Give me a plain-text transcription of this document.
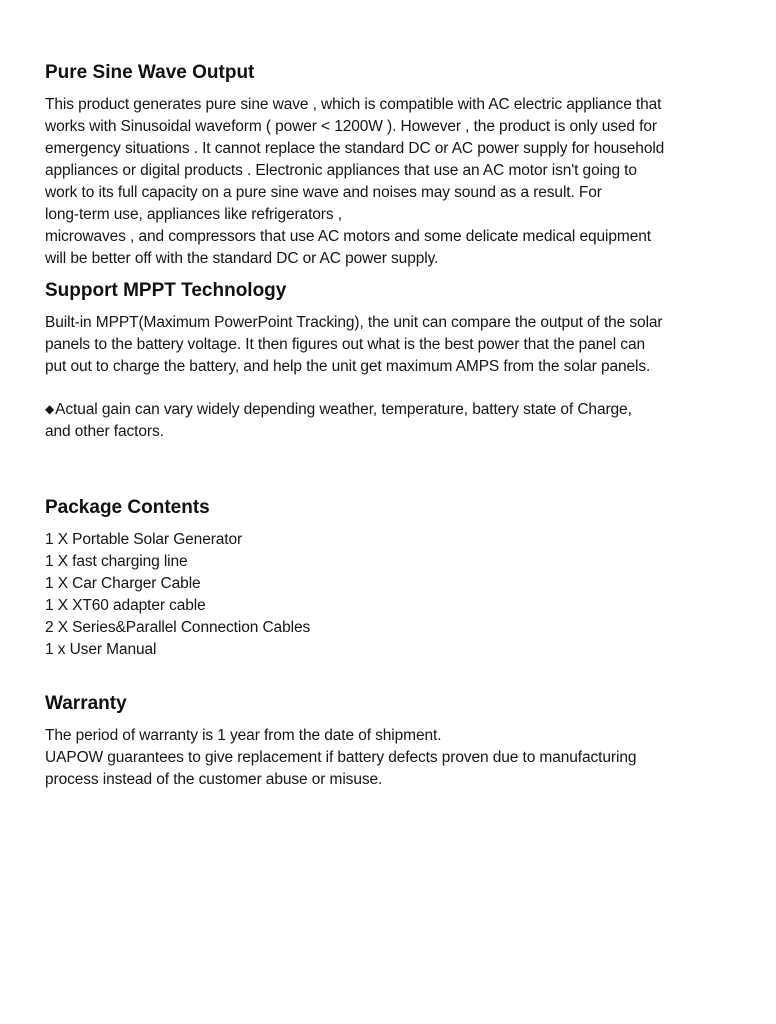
Pure Sine Wave Output
This product generates pure sine wave , which is compatible with AC electric appliance that
works with Sinusoidal waveform ( power < 1200W ). However , the product is only used for
emergency situations . It cannot replace the standard DC or AC power supply for household
appliances or digital products . Electronic appliances that use an AC motor isn't going to
work to its full capacity on a pure sine wave and noises may sound as a result. For
long-term use, appliances like refrigerators ,
microwaves , and compressors that use AC motors and some delicate medical equipment
will be better off with the standard DC or AC power supply.
Support MPPT Technology
Built-in MPPT(Maximum PowerPoint Tracking), the unit can compare the output of the solar
panels to the battery voltage. It then figures out what is the best power that the panel can
put out to charge the battery, and help the unit get maximum AMPS from the solar panels.
◆Actual gain can vary widely depending weather, temperature, battery state of Charge,
and other factors.
Package Contents
1 X Portable Solar Generator
1 X fast charging line
1 X Car Charger Cable
1 X XT60 adapter cable
2 X Series&Parallel Connection Cables
1 x User Manual
Warranty
The period of warranty is 1 year from the date of shipment.
UAPOW guarantees to give replacement if battery defects proven due to manufacturing
process instead of the customer abuse or misuse.
